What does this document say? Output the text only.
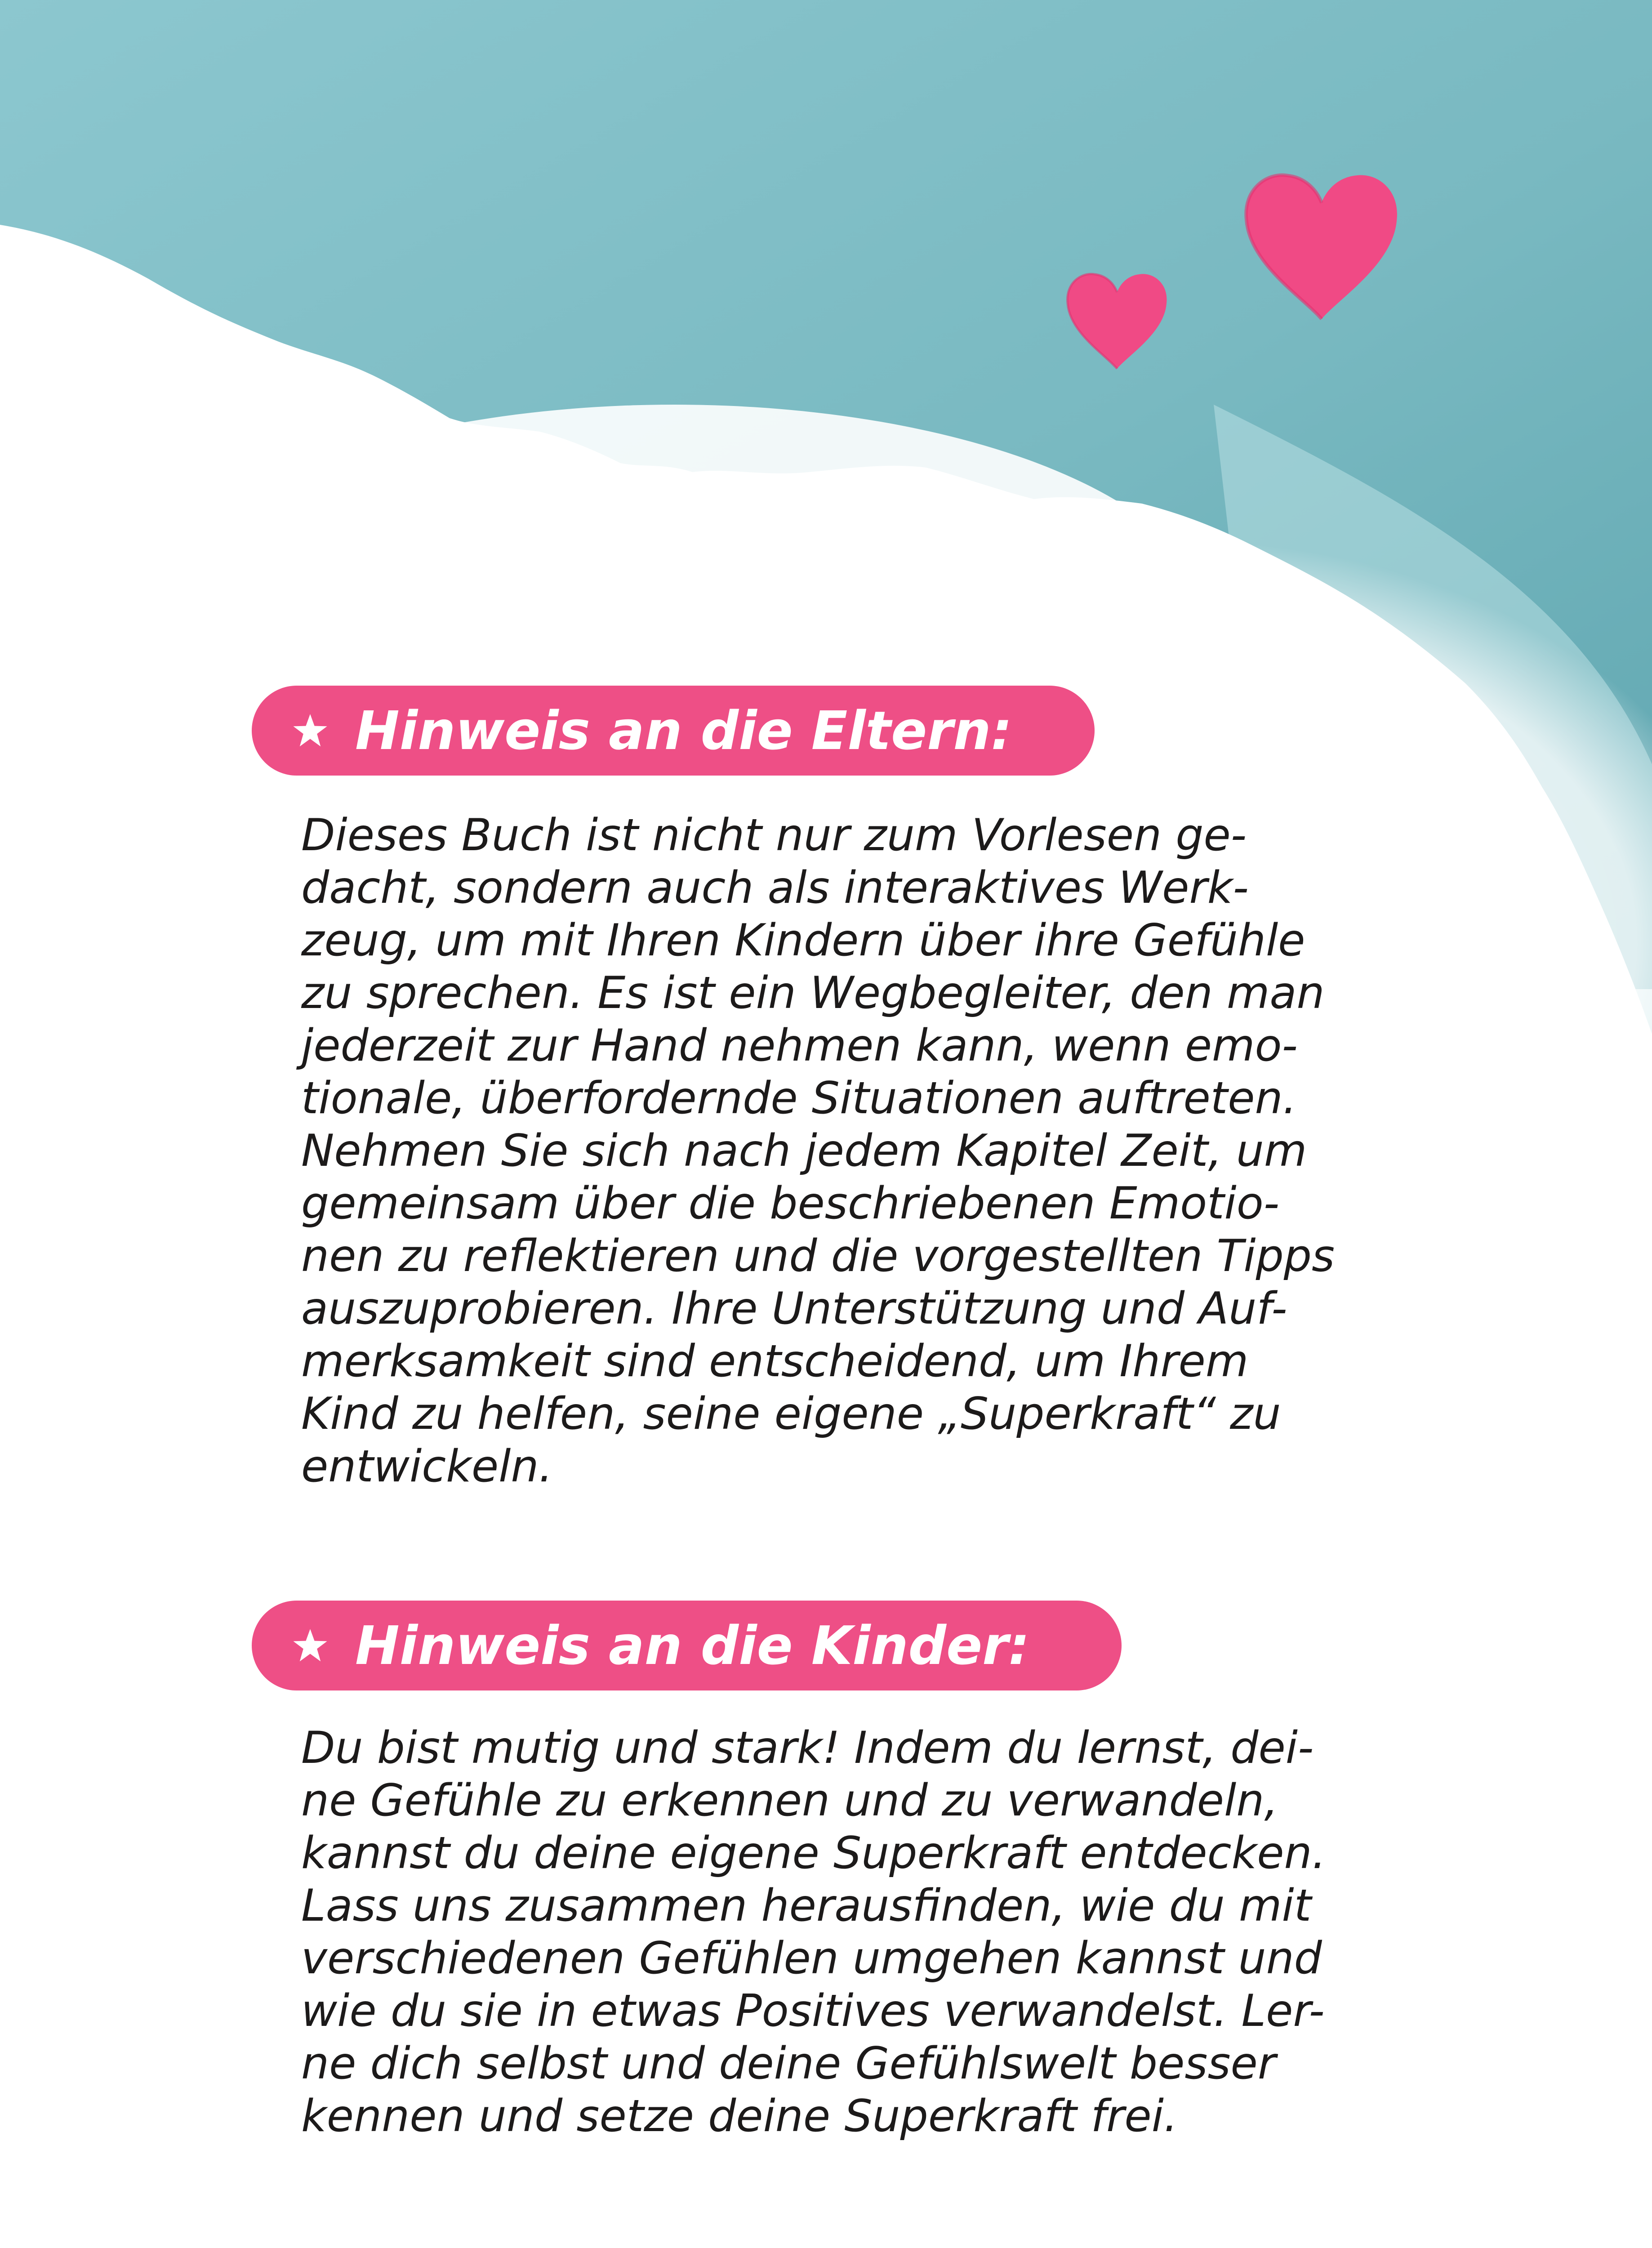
Hinweis an die Eltern:
Dieses Buch ist nicht nur zum Vorlesen ge-
dacht, sondern auch als interaktives Werk-
zeug, um mit Ihren Kindern über ihre Gefühle
zu sprechen. Es ist ein Wegbegleiter, den man
jederzeit zur Hand nehmen kann, wenn emo-
tionale, überfordernde Situationen auftreten.
Nehmen Sie sich nach jedem Kapitel Zeit, um
gemeinsam über die beschriebenen Emotio-
nen zu reflektieren und die vorgestellten Tipps
auszuprobieren. Ihre Unterstützung und Auf-
merksamkeit sind entscheidend, um Ihrem
Kind zu helfen, seine eigene „Superkraft“ zu
entwickeln.
Hinweis an die Kinder:
Du bist mutig und stark! Indem du lernst, dei-
ne Gefühle zu erkennen und zu verwandeln,
kannst du deine eigene Superkraft entdecken.
Lass uns zusammen herausfinden, wie du mit
verschiedenen Gefühlen umgehen kannst und
wie du sie in etwas Positives verwandelst. Ler-
ne dich selbst und deine Gefühlswelt besser
kennen und setze deine Superkraft frei.
